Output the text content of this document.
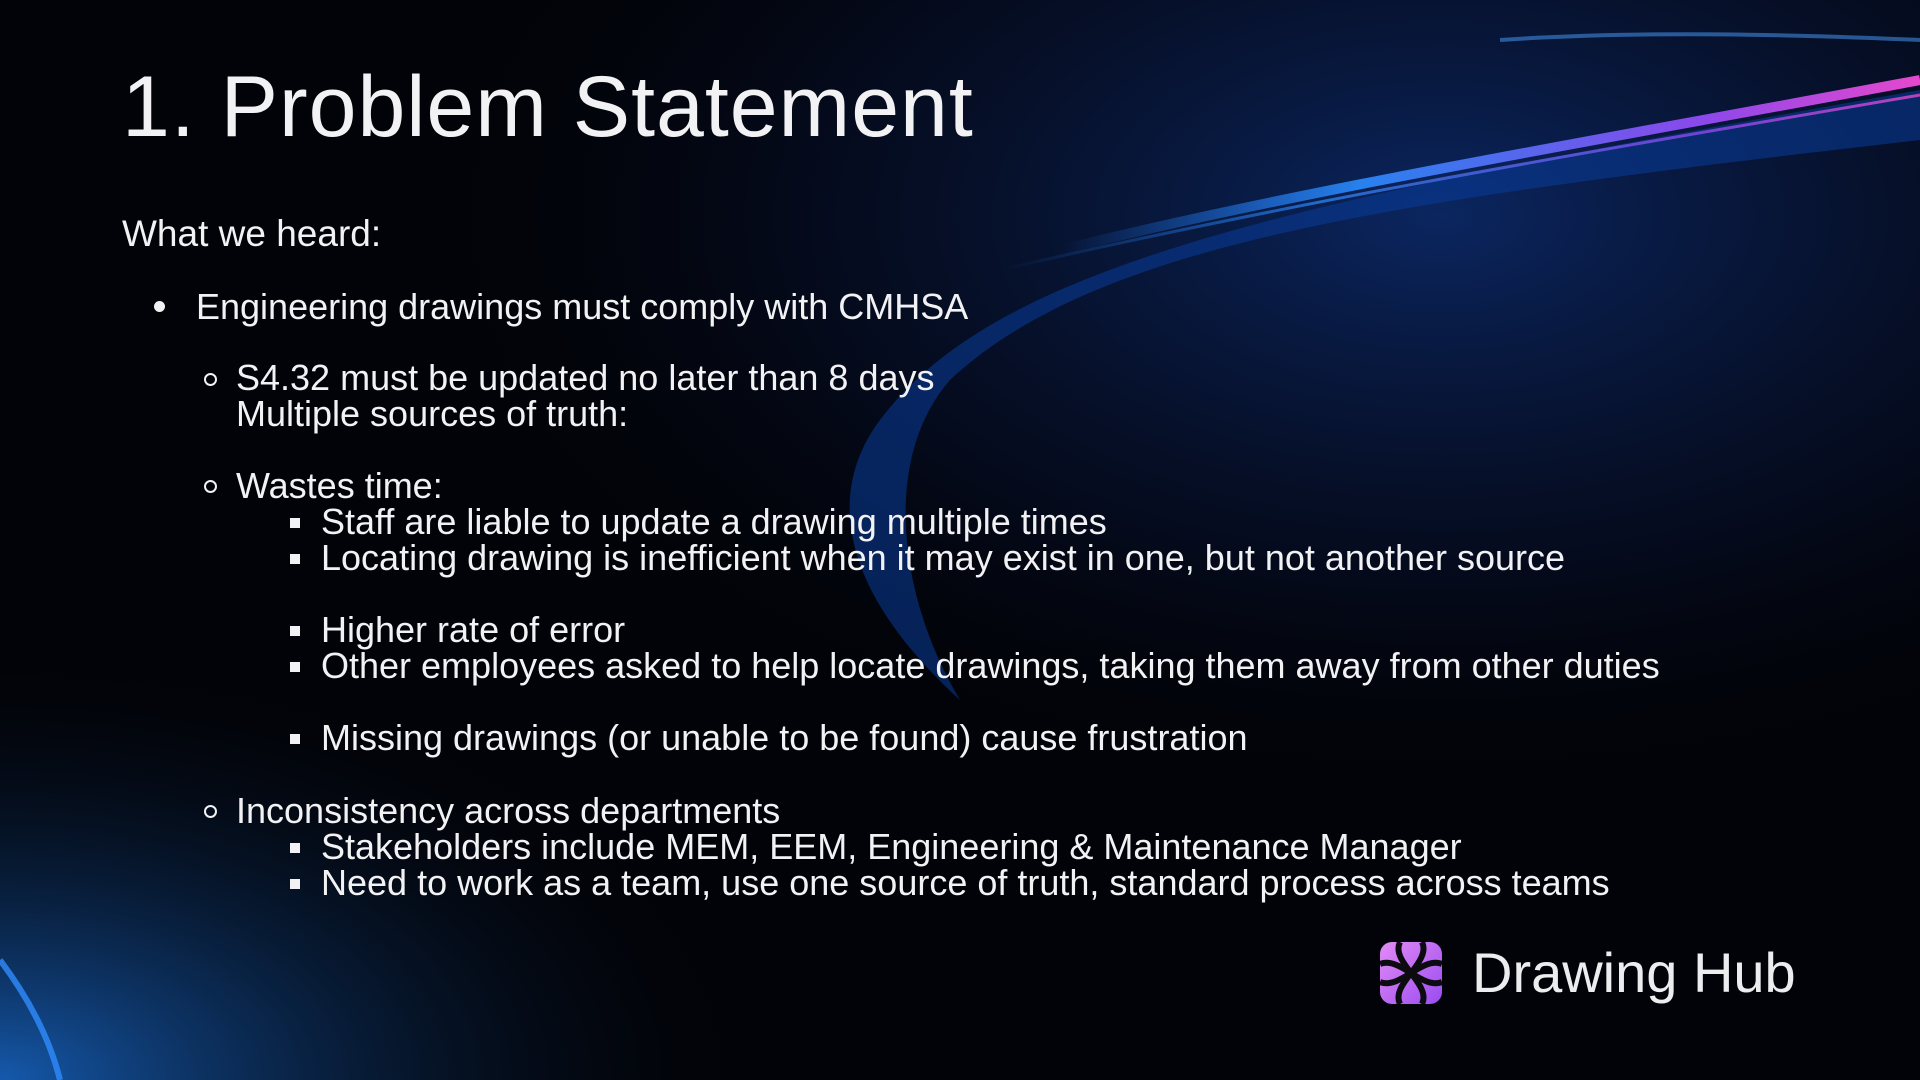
1. Problem Statement
What we heard:
Engineering drawings must comply with CMHSA
S4.32 must be updated no later than 8 days
Multiple sources of truth:
Wastes time:
Staff are liable to update a drawing multiple times
Locating drawing is inefficient when it may exist in one, but not another source
Higher rate of error
Other employees asked to help locate drawings, taking them away from other duties
Missing drawings (or unable to be found) cause frustration
Inconsistency across departments
Stakeholders include MEM, EEM, Engineering & Maintenance Manager
Need to work as a team, use one source of truth, standard process across teams
Drawing Hub
